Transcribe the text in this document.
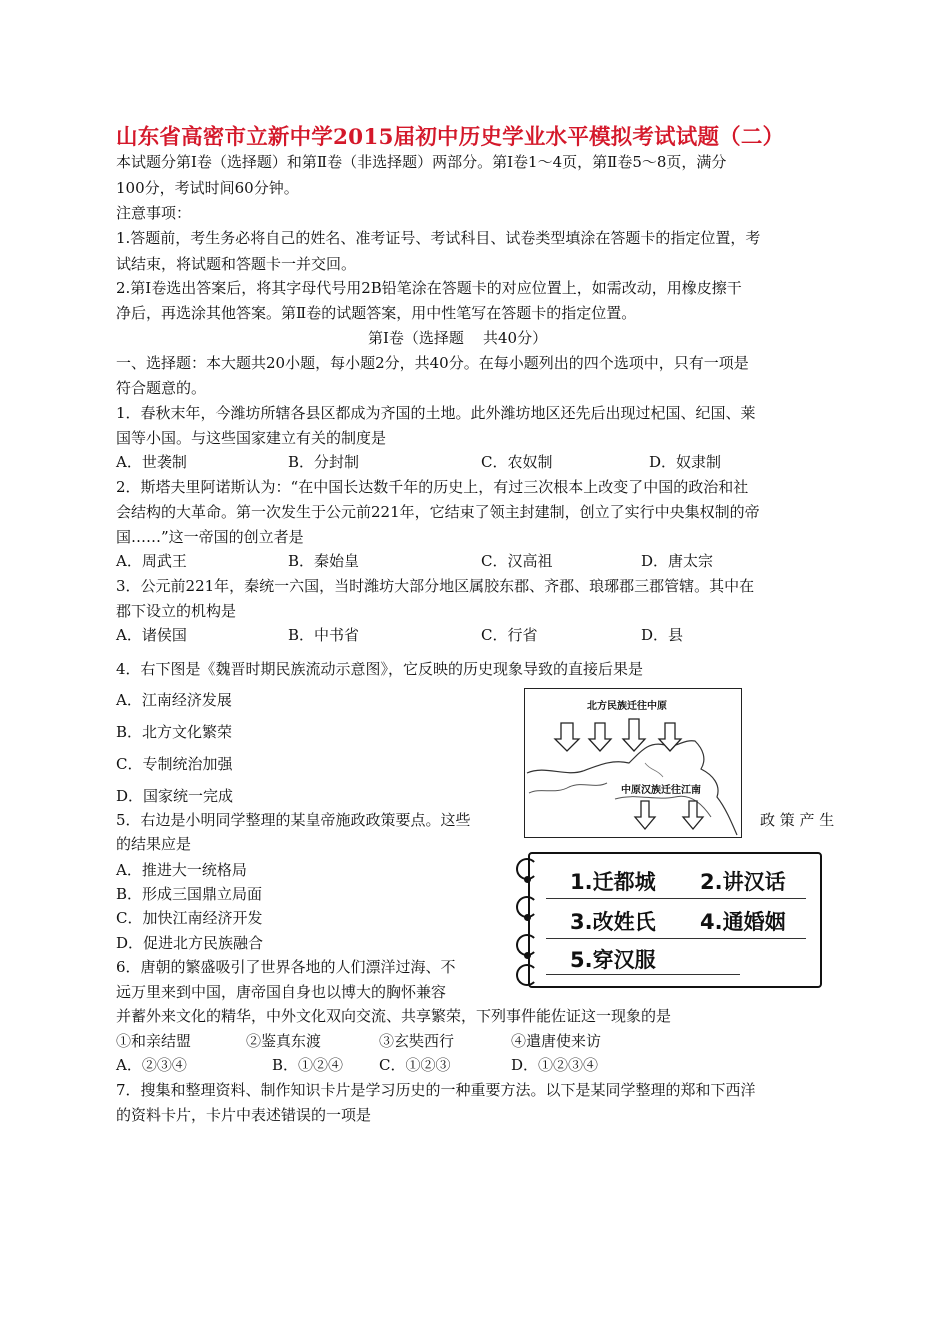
山东省高密市立新中学2015届初中历史学业水平模拟考试试题（二）
本试题分第Ⅰ卷（选择题）和第Ⅱ卷（非选择题）两部分。第Ⅰ卷1～4页，第Ⅱ卷5～8页，满分
100分，考试时间60分钟。
注意事项：
1.答题前，考生务必将自己的姓名、准考证号、考试科目、试卷类型填涂在答题卡的指定位置，考
试结束，将试题和答题卡一并交回。
2.第Ⅰ卷选出答案后，将其字母代号用2B铅笔涂在答题卡的对应位置上，如需改动，用橡皮擦干
净后，再选涂其他答案。第Ⅱ卷的试题答案，用中性笔写在答题卡的指定位置。
第Ⅰ卷（选择题    共40分）
一、选择题：本大题共20小题，每小题2分，共40分。在每小题列出的四个选项中，只有一项是
符合题意的。
1．春秋末年，今潍坊所辖各县区都成为齐国的土地。此外潍坊地区还先后出现过杞国、纪国、莱
国等小国。与这些国家建立有关的制度是
A．世袭制	B．分封制	C．农奴制	D．奴隶制
2．斯塔夫里阿诺斯认为：“在中国长达数千年的历史上，有过三次根本上改变了中国的政治和社
会结构的大革命。第一次发生于公元前221年，它结束了领主封建制，创立了实行中央集权制的帝
国……”这一帝国的创立者是
A．周武王	B．秦始皇	C．汉高祖	D．唐太宗
3．公元前221年，秦统一六国，当时潍坊大部分地区属胶东郡、齐郡、琅琊郡三郡管辖。其中在
郡下设立的机构是
A．诸侯国	B．中书省	C．行省	D．县
4．右下图是《魏晋时期民族流动示意图》，它反映的历史现象导致的直接后果是
A．江南经济发展
B．北方文化繁荣
C．专制统治加强
D．国家统一完成
北方民族迁往中原
中原汉族迁往江南
5．右边是小明同学整理的某皇帝施政政策要点。这些	政 策 产 生
的结果应是
A．推进大一统格局
B．形成三国鼎立局面
C．加快江南经济开发
D．促进北方民族融合
1.迁都城 2.讲汉话
3.改姓氏 4.通婚姻
5.穿汉服
6．唐朝的繁盛吸引了世界各地的人们漂洋过海、不
远万里来到中国，唐帝国自身也以博大的胸怀兼容
并蓄外来文化的精华，中外文化双向交流、共享繁荣，下列事件能佐证这一现象的是
①和亲结盟	②鉴真东渡	③玄奘西行	④遣唐使来访
A．②③④	B．①②④ C．①②③	D．①②③④
7．搜集和整理资料、制作知识卡片是学习历史的一种重要方法。以下是某同学整理的郑和下西洋
的资料卡片，卡片中表述错误的一项是
